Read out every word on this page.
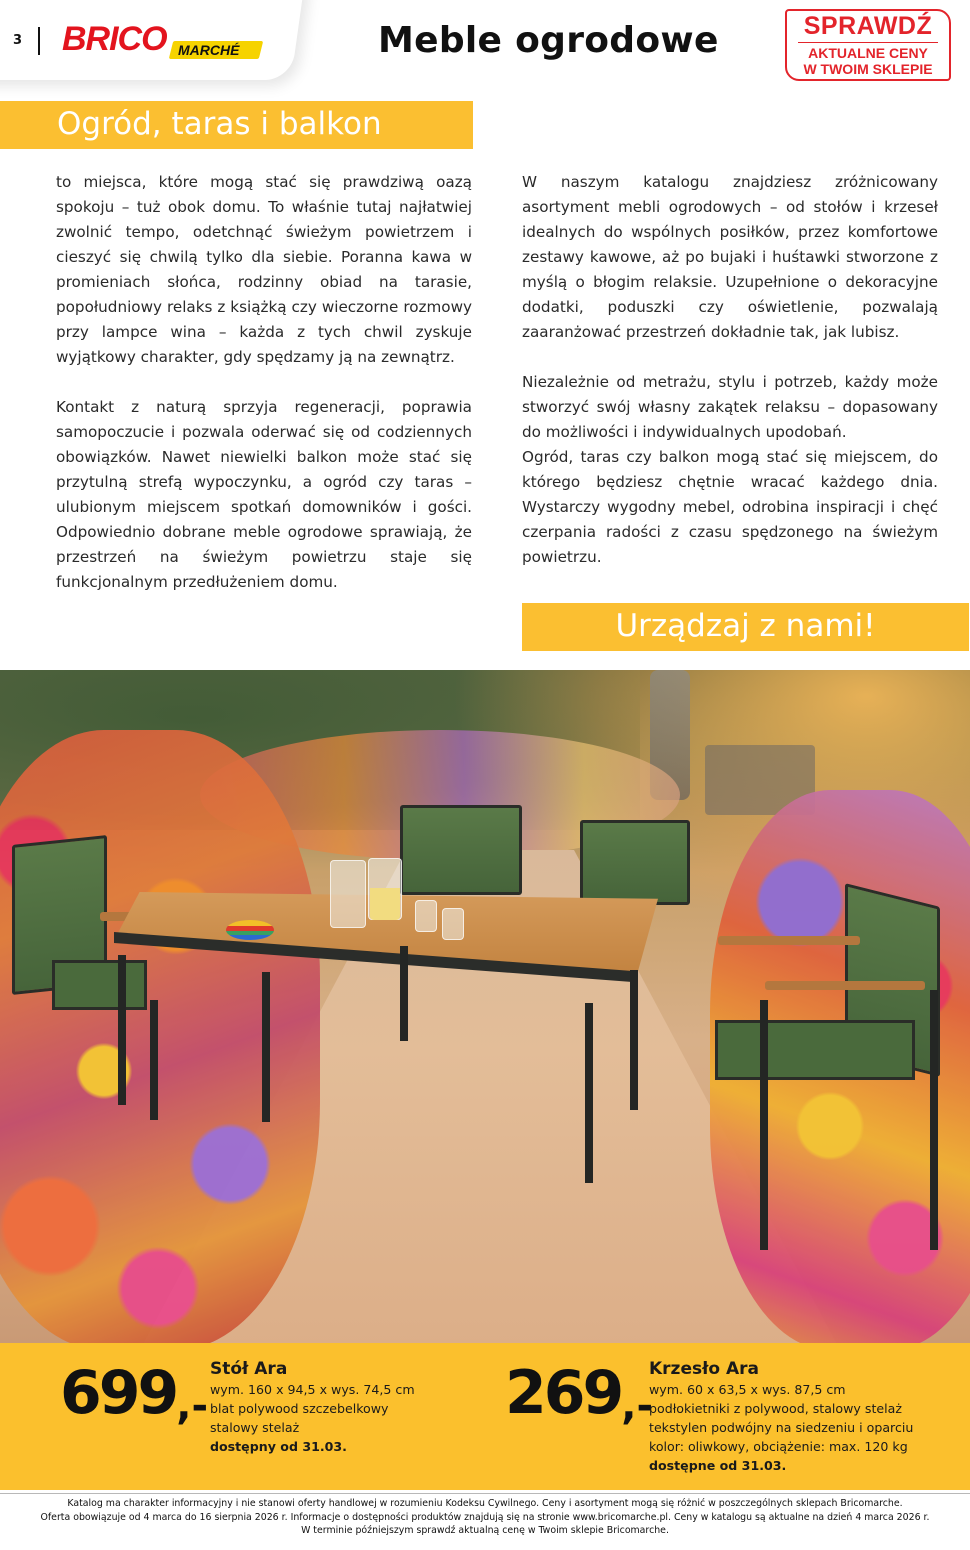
3 BRICO MARCHÉ	Meble ogrodowe	SPRAWDŹ
AKTUALNE CENY
W TWOIM SKLEPIE
Ogród, taras i balkon

to miejsca, które mogą stać się prawdziwą oazą spokoju – tuż obok domu. To właśnie tutaj najłatwiej zwolnić tempo, odetchnąć świeżym powietrzem i cieszyć się chwilą tylko dla siebie. Poranna kawa w promieniach słońca, rodzinny obiad na tarasie, popołudniowy relaks z książką czy wieczorne rozmowy przy lampce wina – każda z tych chwil zyskuje wyjątkowy charakter, gdy spędzamy ją na zewnątrz.

Kontakt z naturą sprzyja regeneracji, poprawia samopoczucie i pozwala oderwać się od codziennych obowiązków. Nawet niewielki balkon może stać się przytulną strefą wypoczynku, a ogród czy taras – ulubionym miejscem spotkań domowników i gości. Odpowiednio dobrane meble ogrodowe sprawiają, że przestrzeń na świeżym powietrzu staje się funkcjonalnym przedłużeniem domu.

W naszym katalogu znajdziesz zróżnicowany asortyment mebli ogrodowych – od stołów i krzeseł idealnych do wspólnych posiłków, przez komfortowe zestawy kawowe, aż po bujaki i huśtawki stworzone z myślą o błogim relaksie. Uzupełnione o dekoracyjne dodatki, poduszki czy oświetlenie, pozwalają zaaranżować przestrzeń dokładnie tak, jak lubisz.

Niezależnie od metrażu, stylu i potrzeb, każdy może stworzyć swój własny zakątek relaksu – dopasowany do możliwości i indywidualnych upodobań.

Ogród, taras czy balkon mogą stać się miejscem, do którego będziesz chętnie wracać każdego dnia. Wystarczy wygodny mebel, odrobina inspiracji i chęć czerpania radości z czasu spędzonego na świeżym powietrzu.

Urządzaj z nami!
699,-
Stół Ara
wym. 160 x 94,5 x wys. 74,5 cm
blat polywood szczebelkowy
stalowy stelaż
dostępny od 31.03.
269,-
Krzesło Ara
wym. 60 x 63,5 x wys. 87,5 cm
podłokietniki z polywood, stalowy stelaż
tekstylen podwójny na siedzeniu i oparciu
kolor: oliwkowy, obciążenie: max. 120 kg
dostępne od 31.03.
Katalog ma charakter informacyjny i nie stanowi oferty handlowej w rozumieniu Kodeksu Cywilnego. Ceny i asortyment mogą się różnić w poszczególnych sklepach Bricomarche.
Oferta obowiązuje od 4 marca do 16 sierpnia 2026 r. Informacje o dostępności produktów znajdują się na stronie www.bricomarche.pl. Ceny w katalogu są aktualne na dzień 4 marca 2026 r.
W terminie późniejszym sprawdź aktualną cenę w Twoim sklepie Bricomarche.
